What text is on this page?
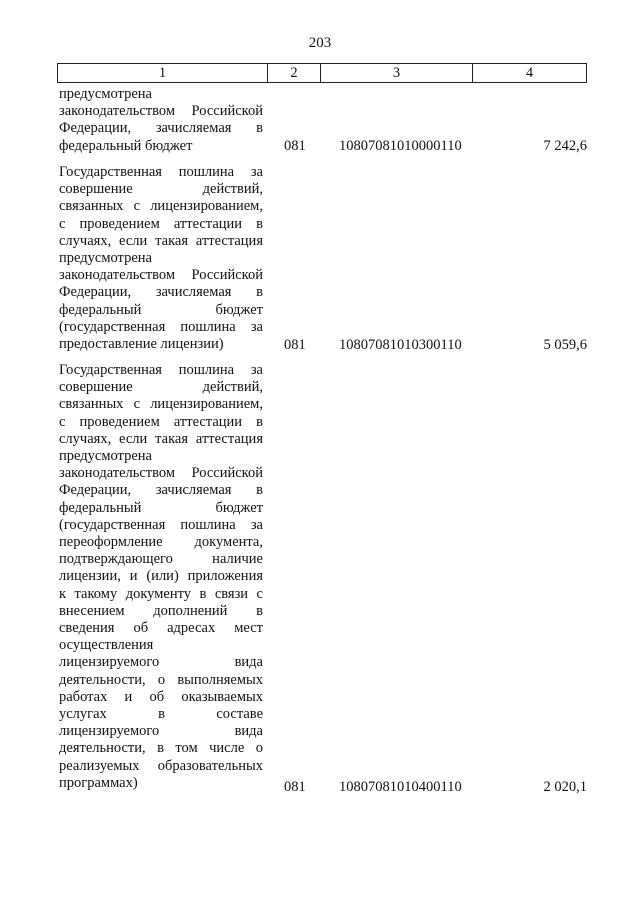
203
1	2	3	4
предусмотрена
законодательством Российской
Федерации, зачисляемая в
федеральный бюджет	081 10807081010000110	7 242,6
Государственная пошлина за
совершение действий,
связанных с лицензированием,
с проведением аттестации в
случаях, если такая аттестация
предусмотрена
законодательством Российской
Федерации, зачисляемая в
федеральный бюджет
(государственная пошлина за
предоставление лицензии)	081 10807081010300110	5 059,6
Государственная пошлина за
совершение действий,
связанных с лицензированием,
с проведением аттестации в
случаях, если такая аттестация
предусмотрена
законодательством Российской
Федерации, зачисляемая в
федеральный бюджет
(государственная пошлина за
переоформление документа,
подтверждающего наличие
лицензии, и (или) приложения
к такому документу в связи с
внесением дополнений в
сведения об адресах мест
осуществления
лицензируемого вида
деятельности, о выполняемых
работах и об оказываемых
услугах в составе
лицензируемого вида
деятельности, в том числе о
реализуемых образовательных
программах)	081 10807081010400110	2 020,1
